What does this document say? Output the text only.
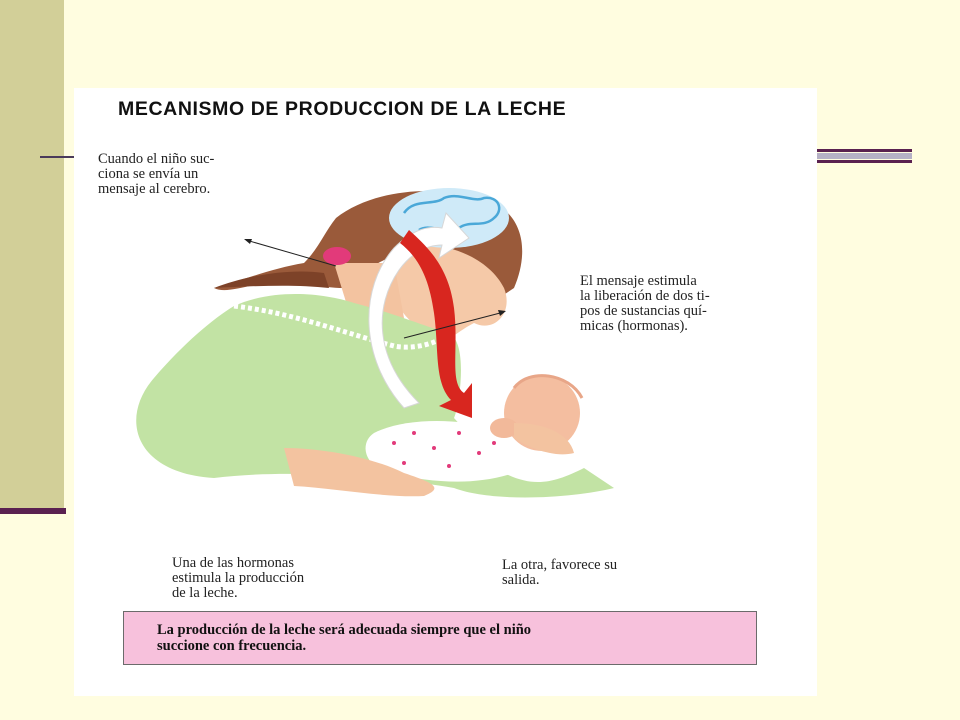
MECANISMO DE PRODUCCION DE LA LECHE
Cuando el niño suc-
ciona se envía un
mensaje al cerebro.
El mensaje estimula
la liberación de dos ti-
pos de sustancias quí-
micas (hormonas).
Una de las hormonas
estimula la producción
de la leche.
La otra, favorece su
salida.
La producción de la leche será adecuada siempre que el niño
succione con frecuencia.
